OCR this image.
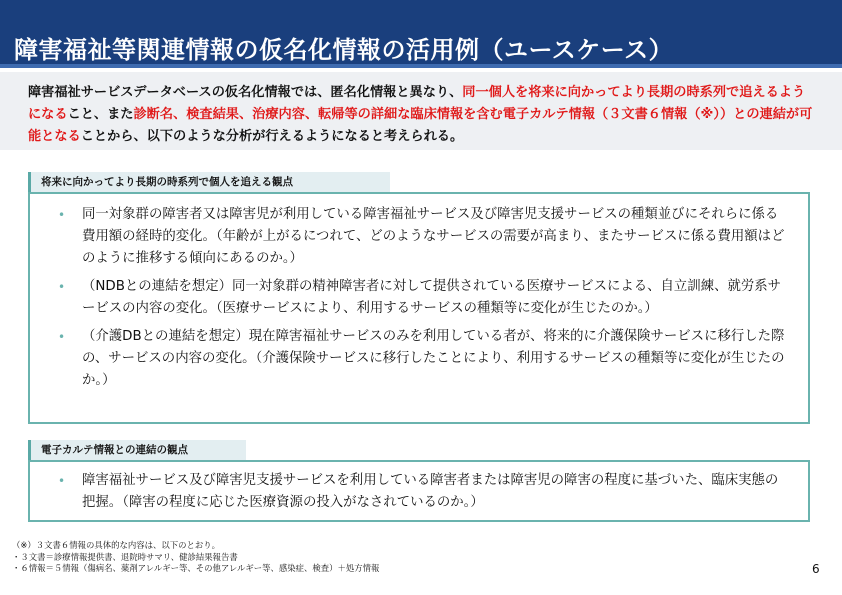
障害福祉等関連情報の仮名化情報の活用例（ユースケース）

障害福祉サービスデータベースの仮名化情報では、匿名化情報と異なり、同一個人を将来に向かってより長期の時系列で追えるようになること、また診断名、検査結果、治療内容、転帰等の詳細な臨床情報を含む電子カルテ情報（３文書６情報（※））との連結が可能となることから、以下のような分析が行えるようになると考えられる。

将来に向かってより長期の時系列で個人を追える観点
• 同一対象群の障害者又は障害児が利用している障害福祉サービス及び障害児支援サービスの種類並びにそれらに係る費用額の経時的変化。（年齢が上がるにつれて、どのようなサービスの需要が高まり、またサービスに係る費用額はどのように推移する傾向にあるのか。）
• （NDBとの連結を想定）同一対象群の精神障害者に対して提供されている医療サービスによる、自立訓練、就労系サービスの内容の変化。（医療サービスにより、利用するサービスの種類等に変化が生じたのか。）
• （介護DBとの連結を想定）現在障害福祉サービスのみを利用している者が、将来的に介護保険サービスに移行した際の、サービスの内容の変化。（介護保険サービスに移行したことにより、利用するサービスの種類等に変化が生じたのか。）
電子カルテ情報との連結の観点
• 障害福祉サービス及び障害児支援サービスを利用している障害者または障害児の障害の程度に基づいた、臨床実態の把握。（障害の程度に応じた医療資源の投入がなされているのか。）
（※）３文書６情報の具体的な内容は、以下のとおり。
・３文書＝診療情報提供書、退院時サマリ、健診結果報告書
・６情報＝５情報（傷病名、薬剤アレルギー等、その他アレルギー等、感染症、検査）＋処方情報	6
